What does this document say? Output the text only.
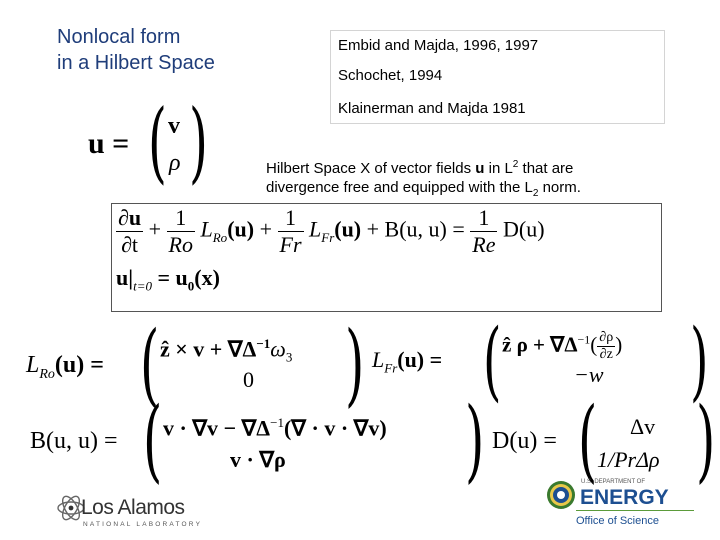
Nonlocal form
in a Hilbert Space
Embid and Majda, 1996, 1997
Schochet, 1994
Klainerman and Majda 1981
u = ( v
ρ )	Hilbert Space X of vector fields u in $L^2$ that are
divergence free and equipped with the $L_2$ norm.
$\frac{\partial u}{\partial t} + \frac{1}{Ro} L_{Ro}(u) + \frac{1}{Fr} L_{Fr}(u) + B(u$, $u) = \frac{1}{Re} D(u)$
$u|_{t=0} = u_0(x)$
$L_{Ro}(u)$ = ( ẑ × $v + \nabla\Delta^{-1}\omega_3$
0 ) $L_{Fr}(u)$ = ( ẑ $\rho + \nabla\Delta^{-1}( \frac{\partial\rho}{\partial z}$ )
−w )
B(u, u) = ( $v \cdot \nabla v - \nabla\Delta^{-1}(\nabla \cdot v \cdot \nabla v)$
v · ∇ρ ) D(u) = ( Δv
1/PrΔρ )
Los Alamos
NATIONAL LABORATORY
U.S. DEPARTMENT OF
ENERGY
Office of Science
